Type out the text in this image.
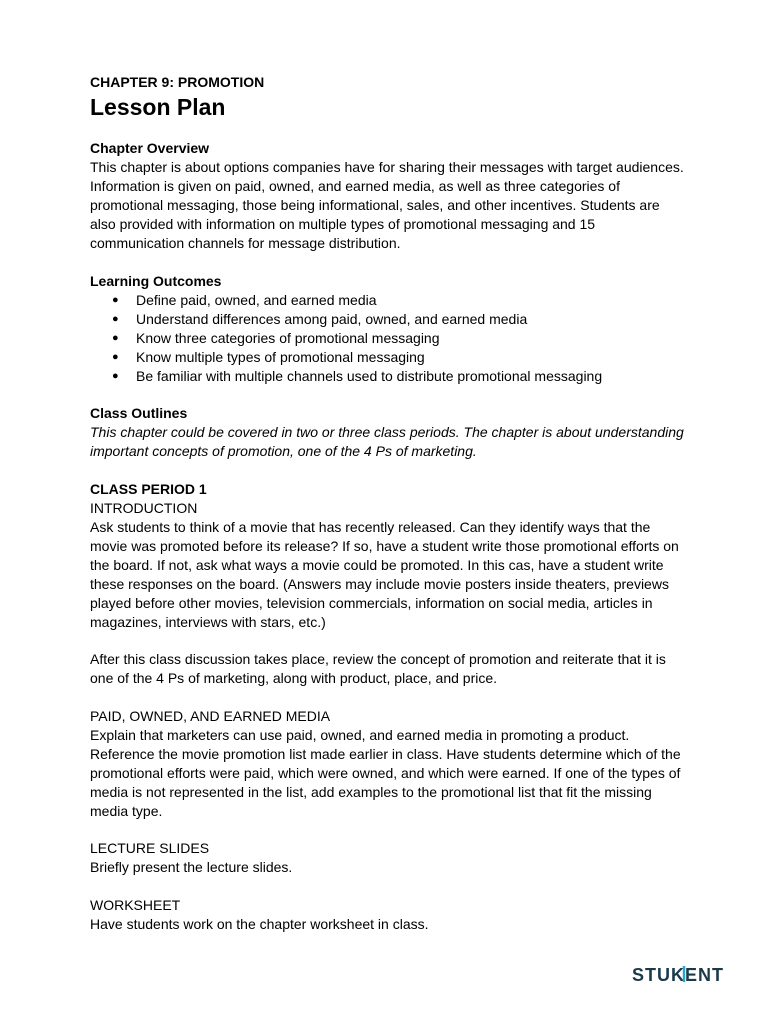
CHAPTER 9: PROMOTION
Lesson Plan
Chapter Overview
This chapter is about options companies have for sharing their messages with target audiences.
Information is given on paid, owned, and earned media, as well as three categories of
promotional messaging, those being informational, sales, and other incentives. Students are
also provided with information on multiple types of promotional messaging and 15
communication channels for message distribution.
Learning Outcomes
● Define paid, owned, and earned media
● Understand differences among paid, owned, and earned media
● Know three categories of promotional messaging
● Know multiple types of promotional messaging
● Be familiar with multiple channels used to distribute promotional messaging
Class Outlines
This chapter could be covered in two or three class periods. The chapter is about understanding
important concepts of promotion, one of the 4 Ps of marketing.
CLASS PERIOD 1
INTRODUCTION
Ask students to think of a movie that has recently released. Can they identify ways that the
movie was promoted before its release? If so, have a student write those promotional efforts on
the board. If not, ask what ways a movie could be promoted. In this cas, have a student write
these responses on the board. (Answers may include movie posters inside theaters, previews
played before other movies, television commercials, information on social media, articles in
magazines, interviews with stars, etc.)
After this class discussion takes place, review the concept of promotion and reiterate that it is
one of the 4 Ps of marketing, along with product, place, and price.
PAID, OWNED, AND EARNED MEDIA
Explain that marketers can use paid, owned, and earned media in promoting a product.
Reference the movie promotion list made earlier in class. Have students determine which of the
promotional efforts were paid, which were owned, and which were earned. If one of the types of
media is not represented in the list, add examples to the promotional list that fit the missing
media type.
LECTURE SLIDES
Briefly present the lecture slides.
WORKSHEET
Have students work on the chapter worksheet in class.
STUKENT
